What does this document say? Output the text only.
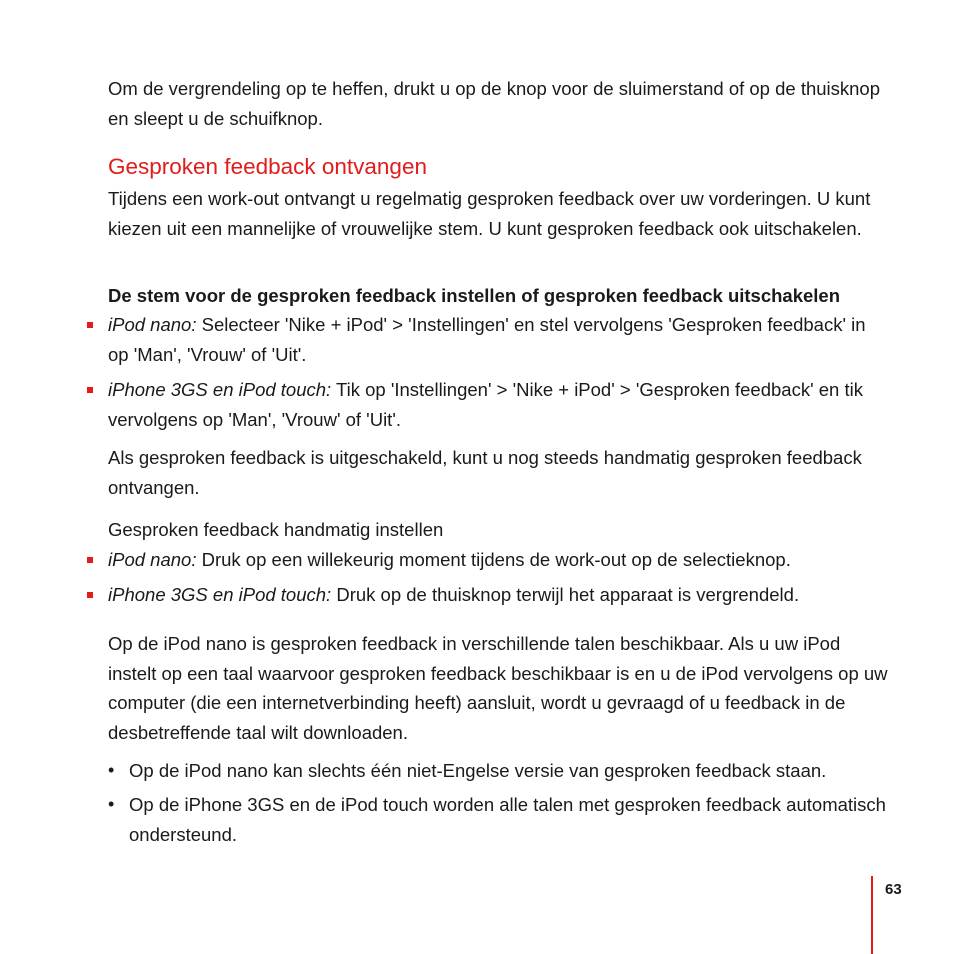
Om de vergrendeling op te heffen, drukt u op de knop voor de sluimerstand of op de thuisknop en sleept u de schuifknop.

Gesproken feedback ontvangen

Tijdens een work-out ontvangt u regelmatig gesproken feedback over uw vorderingen. U kunt kiezen uit een mannelijke of vrouwelijke stem. U kunt gesproken feedback ook uitschakelen.

De stem voor de gesproken feedback instellen of gesproken feedback uitschakelen

iPod nano: Selecteer 'Nike + iPod' > 'Instellingen' en stel vervolgens 'Gesproken feedback' in op 'Man', 'Vrouw' of 'Uit'.

iPhone 3GS en iPod touch: Tik op 'Instellingen' > 'Nike + iPod' > 'Gesproken feedback' en tik vervolgens op 'Man', 'Vrouw' of 'Uit'.

Als gesproken feedback is uitgeschakeld, kunt u nog steeds handmatig gesproken feedback ontvangen.

Gesproken feedback handmatig instellen

iPod nano: Druk op een willekeurig moment tijdens de work-out op de selectieknop.

iPhone 3GS en iPod touch: Druk op de thuisknop terwijl het apparaat is vergrendeld.

Op de iPod nano is gesproken feedback in verschillende talen beschikbaar. Als u uw iPod instelt op een taal waarvoor gesproken feedback beschikbaar is en u de iPod vervolgens op uw computer (die een internetverbinding heeft) aansluit, wordt u gevraagd of u feedback in de desbetreffende taal wilt downloaden.

• Op de iPod nano kan slechts één niet-Engelse versie van gesproken feedback staan.

• Op de iPhone 3GS en de iPod touch worden alle talen met gesproken feedback automatisch ondersteund.

63
